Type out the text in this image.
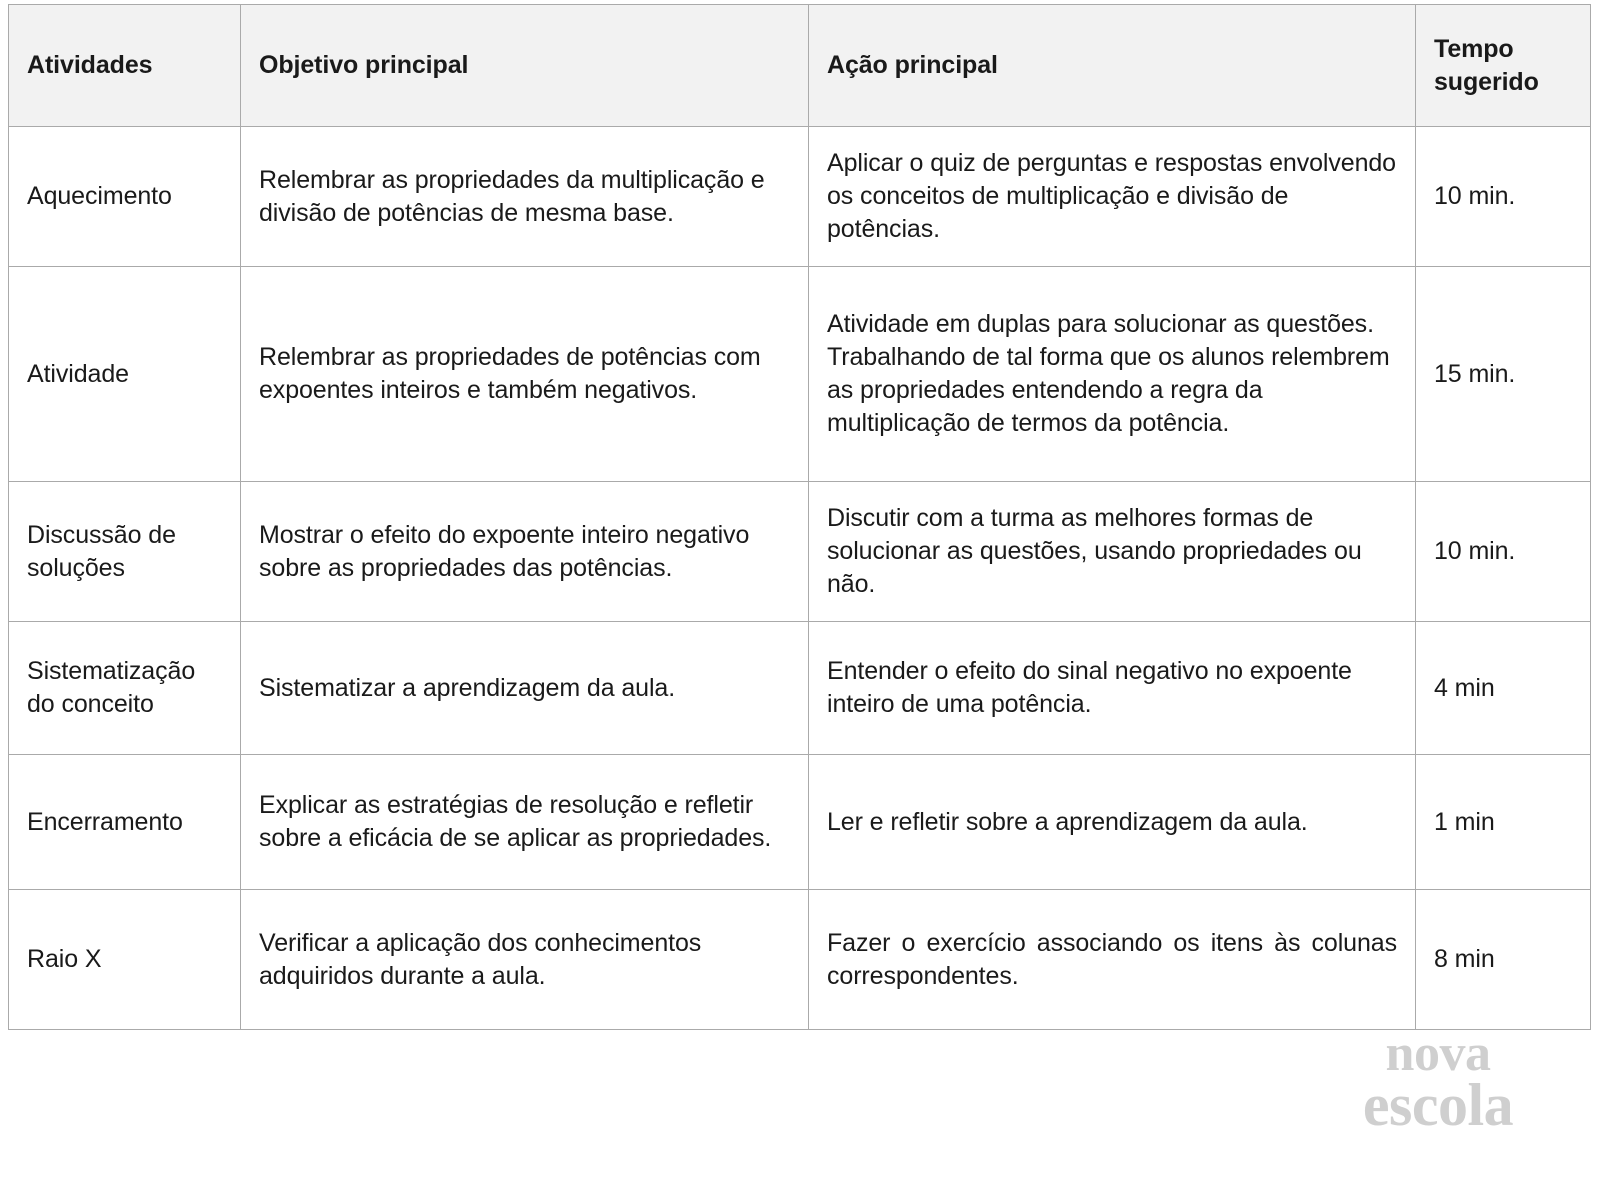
Atividades	Objetivo principal	Ação principal	Tempo
sugerido

Aquecimento	Relembrar as propriedades da multiplicação e divisão de potências de mesma base.	Aplicar o quiz de perguntas e respostas envolvendo os conceitos de multiplicação e divisão de potências.	10 min.
Atividade	Relembrar as propriedades de potências com expoentes inteiros e também negativos.	Atividade em duplas para solucionar as questões. Trabalhando de tal forma que os alunos relembrem as propriedades entendendo a regra da multiplicação de termos da potência.	15 min.
Discussão de soluções	Mostrar o efeito do expoente inteiro negativo sobre as propriedades das potências.	Discutir com a turma as melhores formas de solucionar as questões, usando propriedades ou não.	10 min.
Sistematização do conceito	Sistematizar a aprendizagem da aula.	Entender o efeito do sinal negativo no expoente inteiro de uma potência.	4 min
Encerramento	Explicar as estratégias de resolução e refletir sobre a eficácia de se aplicar as propriedades.	Ler e refletir sobre a aprendizagem da aula.	1 min
Raio X	Verificar a aplicação dos conhecimentos adquiridos durante a aula.	Fazer o exercício associando os itens às colunas correspondentes.	8 min
nova
escola
